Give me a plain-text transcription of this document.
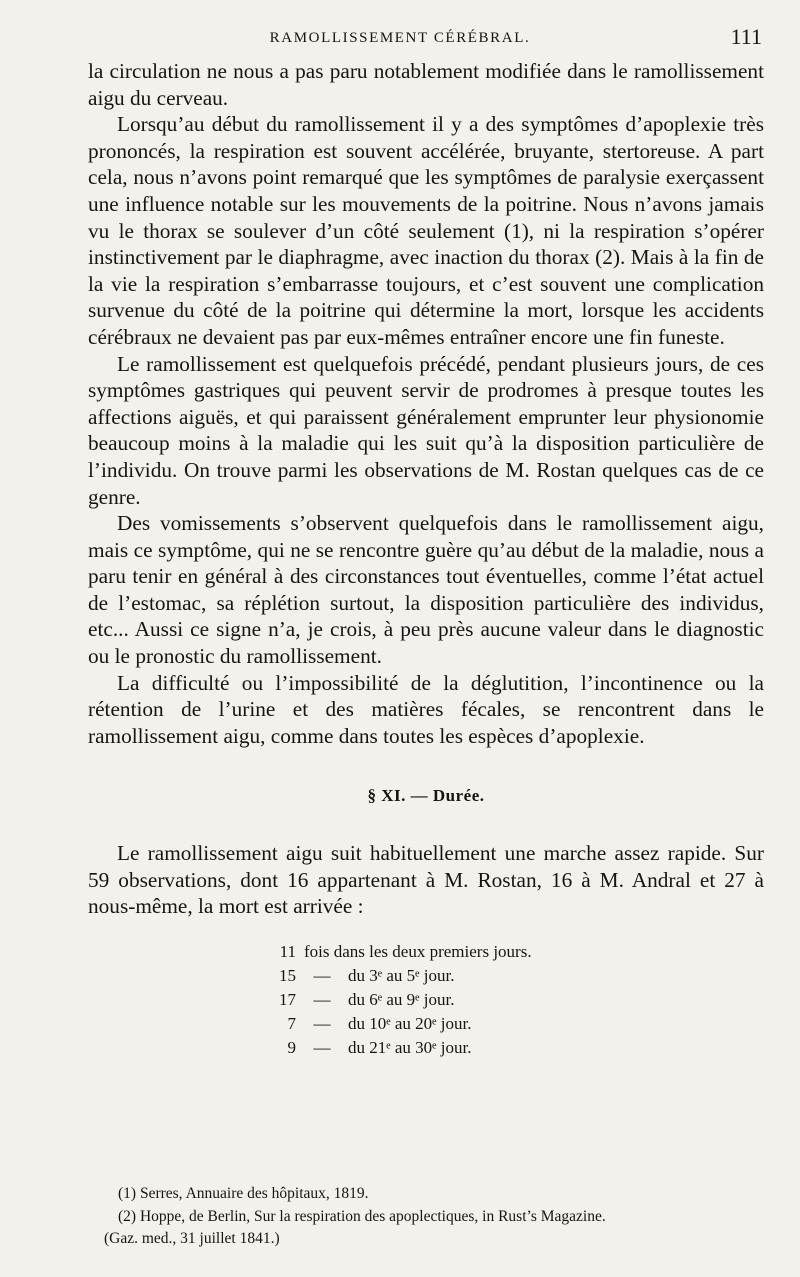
RAMOLLISSEMENT CÉRÉBRAL.	111

la circulation ne nous a pas paru notablement modifiée dans le ramollissement aigu du cerveau.

Lorsqu’au début du ramollissement il y a des symptômes d’apoplexie très prononcés, la respiration est souvent accélérée, bruyante, stertoreuse. A part cela, nous n’avons point remarqué que les symptômes de paralysie exerçassent une influence notable sur les mouvements de la poitrine. Nous n’avons jamais vu le thorax se soulever d’un côté seulement (1), ni la respiration s’opérer instinctivement par le diaphragme, avec inaction du thorax (2). Mais à la fin de la vie la respiration s’embarrasse toujours, et c’est souvent une complication survenue du côté de la poitrine qui détermine la mort, lorsque les accidents cérébraux ne devaient pas par eux-mêmes entraîner encore une fin funeste.

Le ramollissement est quelquefois précédé, pendant plusieurs jours, de ces symptômes gastriques qui peuvent servir de prodromes à presque toutes les affections aiguës, et qui paraissent généralement emprunter leur physionomie beaucoup moins à la maladie qui les suit qu’à la disposition particulière de l’individu. On trouve parmi les observations de M. Rostan quelques cas de ce genre.

Des vomissements s’observent quelquefois dans le ramollissement aigu, mais ce symptôme, qui ne se rencontre guère qu’au début de la maladie, nous a paru tenir en général à des circonstances tout éventuelles, comme l’état actuel de l’estomac, sa réplétion surtout, la disposition particulière des individus, etc... Aussi ce signe n’a, je crois, à peu près aucune valeur dans le diagnostic ou le pronostic du ramollissement.

La difficulté ou l’impossibilité de la déglutition, l’incontinence ou la rétention de l’urine et des matières fécales, se rencontrent dans le ramollissement aigu, comme dans toutes les espèces d’apoplexie.

§ XI. — Durée.

Le ramollissement aigu suit habituellement une marche assez rapide. Sur 59 observations, dont 16 appartenant à M. Rostan, 16 à M. Andral et 27 à nous-même, la mort est arrivée :

11 fois dans les deux premiers jours.
15	—	du 3ᵉ au 5ᵉ jour.
17	—	du 6ᵉ au 9ᵉ jour.
7	—	du 10ᵉ au 20ᵉ jour.
9	—	du 21ᵉ au 30ᵉ jour.

(1) Serres, Annuaire des hôpitaux, 1819.

(2) Hoppe, de Berlin, Sur la respiration des apoplectiques, in Rust’s Magazine.

(Gaz. med., 31 juillet 1841.)
